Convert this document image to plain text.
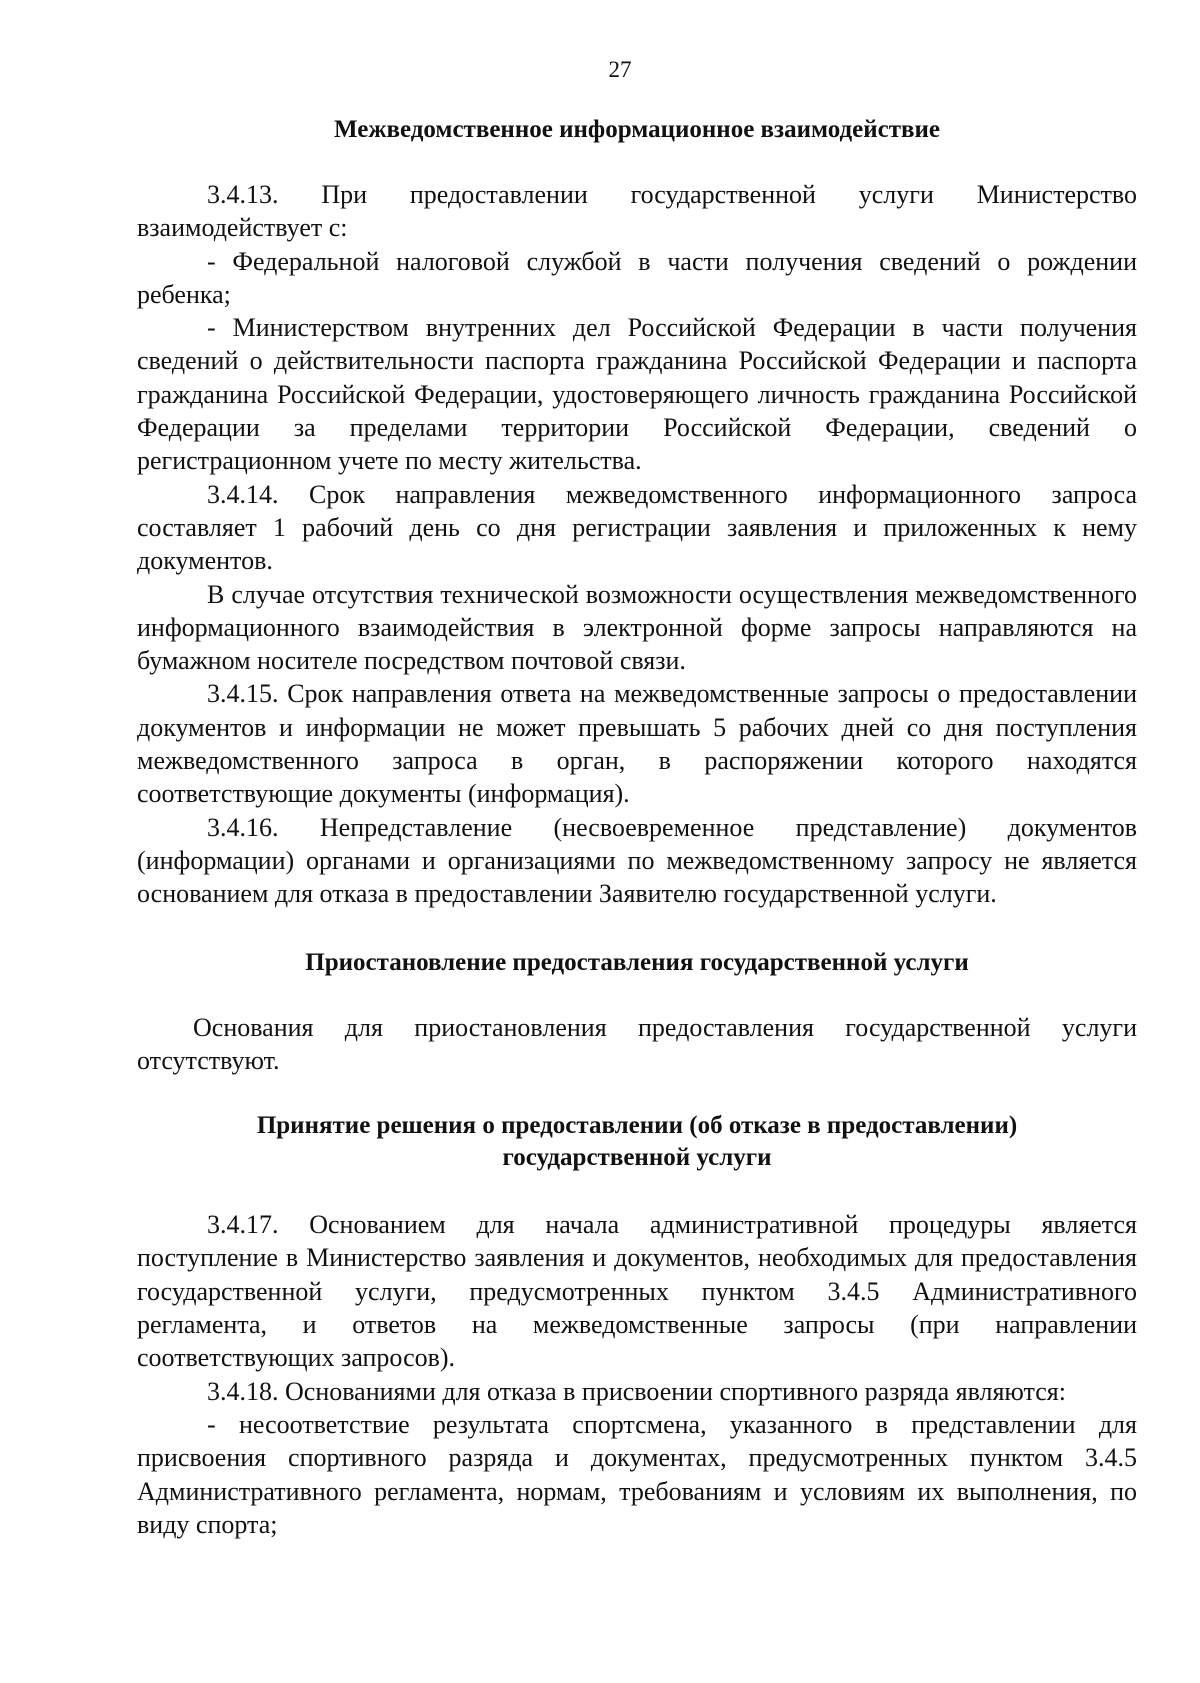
27
Межведомственное информационное взаимодействие

3.4.13. При предоставлении государственной услуги Министерство взаимодействует с:

- Федеральной налоговой службой в части получения сведений о рождении ребенка;

- Министерством внутренних дел Российской Федерации в части получения сведений о действительности паспорта гражданина Российской Федерации и паспорта гражданина Российской Федерации, удостоверяющего личность гражданина Российской Федерации за пределами территории Российской Федерации, сведений о регистрационном учете по месту жительства.

3.4.14. Срок направления межведомственного информационного запроса составляет 1 рабочий день со дня регистрации заявления и приложенных к нему документов.

В случае отсутствия технической возможности осуществления межведомственного информационного взаимодействия в электронной форме запросы направляются на бумажном носителе посредством почтовой связи.

3.4.15. Срок направления ответа на межведомственные запросы о предоставлении документов и информации не может превышать 5 рабочих дней со дня поступления межведомственного запроса в орган, в распоряжении которого находятся соответствующие документы (информация).

3.4.16. Непредставление (несвоевременное представление) документов (информации) органами и организациями по межведомственному запросу не является основанием для отказа в предоставлении Заявителю государственной услуги.

Приостановление предоставления государственной услуги

Основания для приостановления предоставления государственной услуги отсутствуют.

Принятие решения о предоставлении (об отказе в предоставлении)
государственной услуги

3.4.17. Основанием для начала административной процедуры является поступление в Министерство заявления и документов, необходимых для предоставления государственной услуги, предусмотренных пунктом 3.4.5 Административного регламента, и ответов на межведомственные запросы (при направлении соответствующих запросов).

3.4.18. Основаниями для отказа в присвоении спортивного разряда являются:

- несоответствие результата спортсмена, указанного в представлении для присвоения спортивного разряда и документах, предусмотренных пунктом 3.4.5 Административного регламента, нормам, требованиям и условиям их выполнения, по виду спорта;
